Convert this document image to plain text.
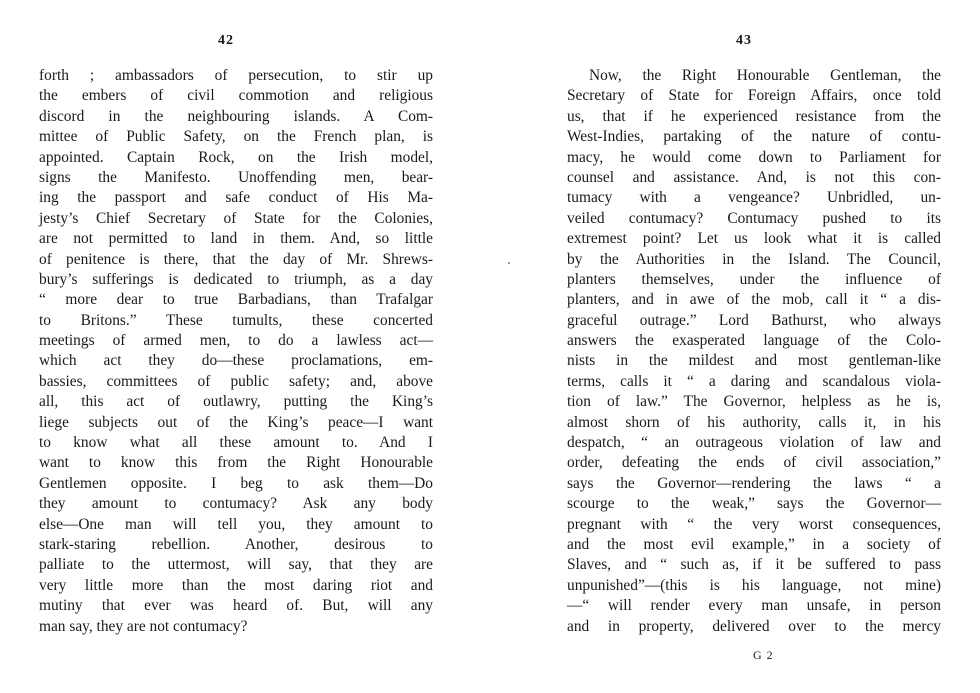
42
forth ; ambassadors of persecution, to stir up
the embers of civil commotion and religious
discord in the neighbouring islands. A Com-
mittee of Public Safety, on the French plan, is
appointed. Captain Rock, on the Irish model,
signs the Manifesto. Unoffending men, bear-
ing the passport and safe conduct of His Ma-
jesty’s Chief Secretary of State for the Colonies,
are not permitted to land in them. And, so little
of penitence is there, that the day of Mr. Shrews-
bury’s sufferings is dedicated to triumph, as a day
“ more dear to true Barbadians, than Trafalgar
to Britons.” These tumults, these concerted
meetings of armed men, to do a lawless act—
which act they do—these proclamations, em-
bassies, committees of public safety; and, above
all, this act of outlawry, putting the King’s
liege subjects out of the King’s peace—I want
to know what all these amount to. And I
want to know this from the Right Honourable
Gentlemen opposite. I beg to ask them—Do
they amount to contumacy? Ask any body
else—One man will tell you, they amount to
stark-staring rebellion. Another, desirous to
palliate to the uttermost, will say, that they are
very little more than the most daring riot and
mutiny that ever was heard of. But, will any
man say, they are not contumacy?
43
Now, the Right Honourable Gentleman, the
Secretary of State for Foreign Affairs, once told
us, that if he experienced resistance from the
West-Indies, partaking of the nature of contu-
macy, he would come down to Parliament for
counsel and assistance. And, is not this con-
tumacy with a vengeance? Unbridled, un-
veiled contumacy? Contumacy pushed to its
extremest point? Let us look what it is called
by the Authorities in the Island. The Council,
planters themselves, under the influence of
planters, and in awe of the mob, call it “ a dis-
graceful outrage.” Lord Bathurst, who always
answers the exasperated language of the Colo-
nists in the mildest and most gentleman-like
terms, calls it “ a daring and scandalous viola-
tion of law.” The Governor, helpless as he is,
almost shorn of his authority, calls it, in his
despatch, “ an outrageous violation of law and
order, defeating the ends of civil association,”
says the Governor—rendering the laws “ a
scourge to the weak,” says the Governor—
pregnant with “ the very worst consequences,
and the most evil example,” in a society of
Slaves, and “ such as, if it be suffered to pass
unpunished”—(this is his language, not mine)
—“ will render every man unsafe, in person
and in property, delivered over to the mercy
G 2
